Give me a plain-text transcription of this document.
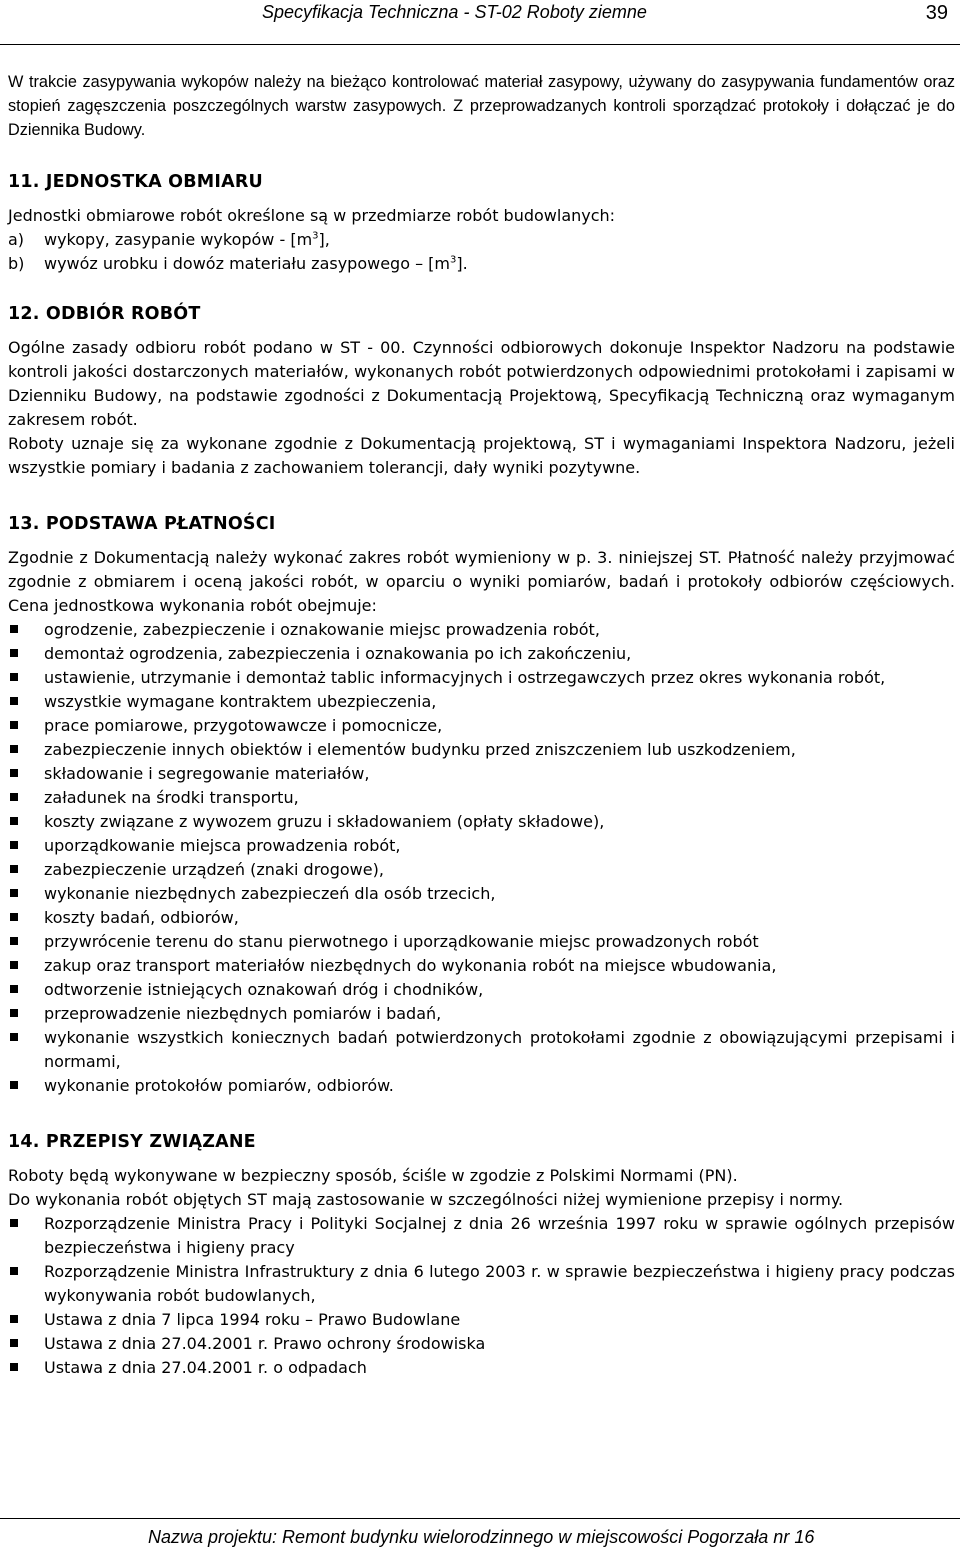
Specyfikacja Techniczna - ST-02 Roboty ziemne	39

W trakcie zasypywania wykopów należy na bieżąco kontrolować materiał zasypowy, używany do zasypywania fundamentów oraz stopień zagęszczenia poszczególnych warstw zasypowych. Z przeprowadzanych kontroli sporządzać protokoły i dołączać je do Dziennika Budowy.

11. JEDNOSTKA OBMIARU

Jednostki obmiarowe robót określone są w przedmiarze robót budowlanych:

a)	wykopy, zasypanie wykopów - $[m^3]$,
b)	wywóz urobku i dowóz materiału zasypowego – $[m^3]$.
12. ODBIÓR ROBÓT

Ogólne zasady odbioru robót podano w ST - 00. Czynności odbiorowych dokonuje Inspektor Nadzoru na podstawie kontroli jakości dostarczonych materiałów, wykonanych robót potwierdzonych odpowiednimi protokołami i zapisami w Dzienniku Budowy, na podstawie zgodności z Dokumentacją Projektową, Specyfikacją Techniczną oraz wymaganym zakresem robót.

Roboty uznaje się za wykonane zgodnie z Dokumentacją projektową, ST i wymaganiami Inspektora Nadzoru, jeżeli wszystkie pomiary i badania z zachowaniem tolerancji, dały wyniki pozytywne.

13. PODSTAWA PŁATNOŚCI

Zgodnie z Dokumentacją należy wykonać zakres robót wymieniony w p. 3. niniejszej ST. Płatność należy przyjmować zgodnie z obmiarem i oceną jakości robót, w oparciu o wyniki pomiarów, badań i protokoły odbiorów częściowych. Cena jednostkowa wykonania robót obejmuje:

ogrodzenie, zabezpieczenie i oznakowanie miejsc prowadzenia robót,
demontaż ogrodzenia, zabezpieczenia i oznakowania po ich zakończeniu,
ustawienie, utrzymanie i demontaż tablic informacyjnych i ostrzegawczych przez okres wykonania robót,
wszystkie wymagane kontraktem ubezpieczenia,
prace pomiarowe, przygotowawcze i pomocnicze,
zabezpieczenie innych obiektów i elementów budynku przed zniszczeniem lub uszkodzeniem,
składowanie i segregowanie materiałów,
załadunek na środki transportu,
koszty związane z wywozem gruzu i składowaniem (opłaty składowe),
uporządkowanie miejsca prowadzenia robót,
zabezpieczenie urządzeń (znaki drogowe),
wykonanie niezbędnych zabezpieczeń dla osób trzecich,
koszty badań, odbiorów,
przywrócenie terenu do stanu pierwotnego i uporządkowanie miejsc prowadzonych robót
zakup oraz transport materiałów niezbędnych do wykonania robót na miejsce wbudowania,
odtworzenie istniejących oznakowań dróg i chodników,
przeprowadzenie niezbędnych pomiarów i badań,
wykonanie wszystkich koniecznych badań potwierdzonych protokołami zgodnie z obowiązującymi przepisami i normami,
wykonanie protokołów pomiarów, odbiorów.
14. PRZEPISY ZWIĄZANE

Roboty będą wykonywane w bezpieczny sposób, ściśle w zgodzie z Polskimi Normami (PN).

Do wykonania robót objętych ST mają zastosowanie w szczególności niżej wymienione przepisy i normy.

Rozporządzenie Ministra Pracy i Polityki Socjalnej z dnia 26 września 1997 roku w sprawie ogólnych przepisów bezpieczeństwa i higieny pracy
Rozporządzenie Ministra Infrastruktury z dnia 6 lutego 2003 r. w sprawie bezpieczeństwa i higieny pracy podczas wykonywania robót budowlanych,
Ustawa z dnia 7 lipca 1994 roku – Prawo Budowlane
Ustawa z dnia 27.04.2001 r. Prawo ochrony środowiska
Ustawa z dnia 27.04.2001 r. o odpadach
Nazwa projektu: Remont budynku wielorodzinnego w miejscowości Pogorzała nr 16
